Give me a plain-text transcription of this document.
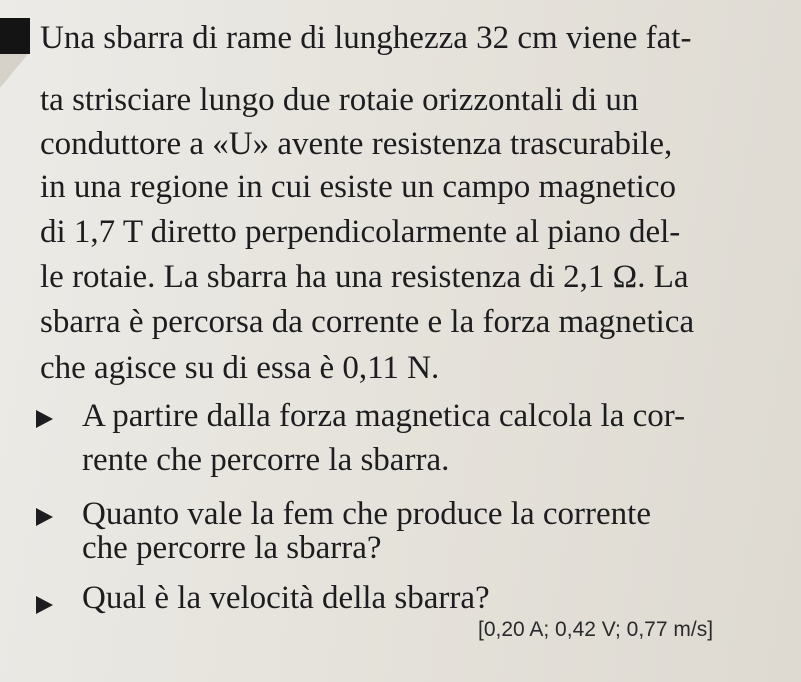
Una sbarra di rame di lunghezza 32 cm viene fat-
ta strisciare lungo due rotaie orizzontali di un
conduttore a «U» avente resistenza trascurabile,
in una regione in cui esiste un campo magnetico
di 1,7 T diretto perpendicolarmente al piano del-
le rotaie. La sbarra ha una resistenza di 2,1 Ω. La
sbarra è percorsa da corrente e la forza magnetica
che agisce su di essa è 0,11 N.
A partire dalla forza magnetica calcola la cor-
rente che percorre la sbarra.
Quanto vale la fem che produce la corrente
che percorre la sbarra?
Qual è la velocità della sbarra?
[0,20 A; 0,42 V; 0,77 m/s]
